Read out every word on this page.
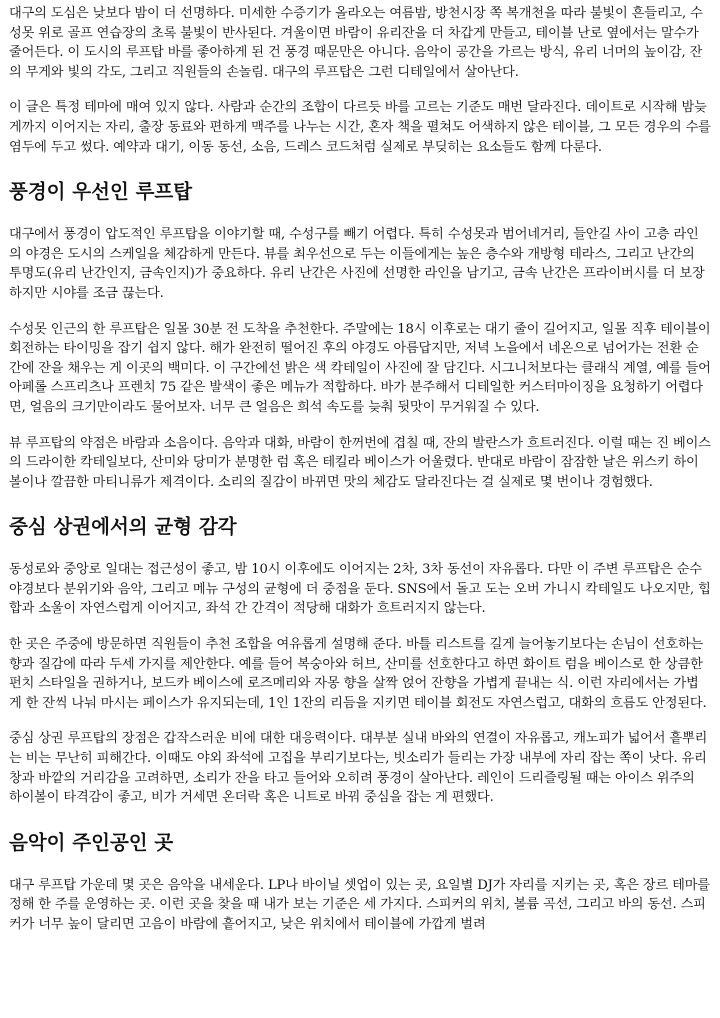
대구의 도심은 낮보다 밤이 더 선명하다. 미세한 수증기가 올라오는 여름밤, 방천시장 쪽 복개천을 따라 불빛이 흔들리고, 수성못 위로 골프 연습장의 초록 불빛이 반사된다. 겨울이면 바람이 유리잔을 더 차갑게 만들고, 테이블 난로 옆에서는 말수가 줄어든다. 이 도시의 루프탑 바를 좋아하게 된 건 풍경 때문만은 아니다. 음악이 공간을 가르는 방식, 유리 너머의 높이감, 잔의 무게와 빛의 각도, 그리고 직원들의 손놀림. 대구의 루프탑은 그런 디테일에서 살아난다.

이 글은 특정 테마에 매여 있지 않다. 사람과 순간의 조합이 다르듯 바를 고르는 기준도 매번 달라진다. 데이트로 시작해 밤늦게까지 이어지는 자리, 출장 동료와 편하게 맥주를 나누는 시간, 혼자 책을 펼쳐도 어색하지 않은 테이블, 그 모든 경우의 수를 염두에 두고 썼다. 예약과 대기, 이동 동선, 소음, 드레스 코드처럼 실제로 부딪히는 요소들도 함께 다룬다.

풍경이 우선인 루프탑

대구에서 풍경이 압도적인 루프탑을 이야기할 때, 수성구를 빼기 어렵다. 특히 수성못과 범어네거리, 들안길 사이 고층 라인의 야경은 도시의 스케일을 체감하게 만든다. 뷰를 최우선으로 두는 이들에게는 높은 층수와 개방형 테라스, 그리고 난간의 투명도(유리 난간인지, 금속인지)가 중요하다. 유리 난간은 사진에 선명한 라인을 남기고, 금속 난간은 프라이버시를 더 보장하지만 시야를 조금 끊는다.

수성못 인근의 한 루프탑은 일몰 30분 전 도착을 추천한다. 주말에는 18시 이후로는 대기 줄이 길어지고, 일몰 직후 테이블이 회전하는 타이밍을 잡기 쉽지 않다. 해가 완전히 떨어진 후의 야경도 아름답지만, 저녁 노을에서 네온으로 넘어가는 전환 순간에 잔을 채우는 게 이곳의 백미다. 이 구간에선 밝은 색 칵테일이 사진에 잘 담긴다. 시그니처보다는 클래식 계열, 예를 들어 아페롤 스프리츠나 프렌치 75 같은 발색이 좋은 메뉴가 적합하다. 바가 분주해서 디테일한 커스터마이징을 요청하기 어렵다면, 얼음의 크기만이라도 물어보자. 너무 큰 얼음은 희석 속도를 늦춰 뒷맛이 무거워질 수 있다.

뷰 루프탑의 약점은 바람과 소음이다. 음악과 대화, 바람이 한꺼번에 겹칠 때, 잔의 발란스가 흐트러진다. 이럴 때는 진 베이스의 드라이한 칵테일보다, 산미와 당미가 분명한 럼 혹은 테킬라 베이스가 어울렸다. 반대로 바람이 잠잠한 날은 위스키 하이볼이나 깔끔한 마티니류가 제격이다. 소리의 질감이 바뀌면 맛의 체감도 달라진다는 걸 실제로 몇 번이나 경험했다.

중심 상권에서의 균형 감각

동성로와 중앙로 일대는 접근성이 좋고, 밤 10시 이후에도 이어지는 2차, 3차 동선이 자유롭다. 다만 이 주변 루프탑은 순수 야경보다 분위기와 음악, 그리고 메뉴 구성의 균형에 더 중점을 둔다. SNS에서 돌고 도는 오버 가니시 칵테일도 나오지만, 힙합과 소울이 자연스럽게 이어지고, 좌석 간 간격이 적당해 대화가 흐트러지지 않는다.

한 곳은 주중에 방문하면 직원들이 추천 조합을 여유롭게 설명해 준다. 바틀 리스트를 길게 늘어놓기보다는 손님이 선호하는 향과 질감에 따라 두세 가지를 제안한다. 예를 들어 복숭아와 허브, 산미를 선호한다고 하면 화이트 럼을 베이스로 한 상큼한 펀치 스타일을 권하거나, 보드카 베이스에 로즈메리와 자몽 향을 살짝 얹어 잔향을 가볍게 끝내는 식. 이런 자리에서는 가볍게 한 잔씩 나눠 마시는 페이스가 유지되는데, 1인 1잔의 리듬을 지키면 테이블 회전도 자연스럽고, 대화의 흐름도 안정된다.

중심 상권 루프탑의 장점은 갑작스러운 비에 대한 대응력이다. 대부분 실내 바와의 연결이 자유롭고, 캐노피가 넓어서 흩뿌리는 비는 무난히 피해간다. 이때도 야외 좌석에 고집을 부리기보다는, 빗소리가 들리는 가장 내부에 자리 잡는 쪽이 낫다. 유리창과 바깥의 거리감을 고려하면, 소리가 잔을 타고 들어와 오히려 풍경이 살아난다. 레인이 드리즐링될 때는 아이스 위주의 하이볼이 타격감이 좋고, 비가 거세면 온더락 혹은 니트로 바꿔 중심을 잡는 게 편했다.

음악이 주인공인 곳

대구 루프탑 가운데 몇 곳은 음악을 내세운다. LP나 바이닐 셋업이 있는 곳, 요일별 DJ가 자리를 지키는 곳, 혹은 장르 테마를 정해 한 주를 운영하는 곳. 이런 곳을 찾을 때 내가 보는 기준은 세 가지다. 스피커의 위치, 볼륨 곡선, 그리고 바의 동선. 스피커가 너무 높이 달리면 고음이 바람에 흩어지고, 낮은 위치에서 테이블에 가깝게 벌려
